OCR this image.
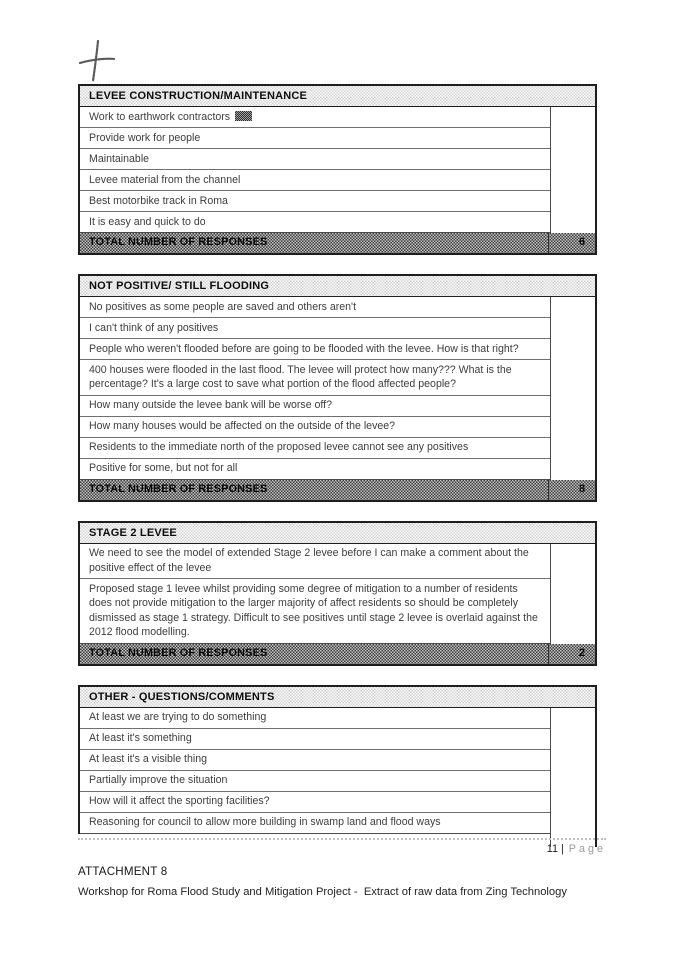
LEVEE CONSTRUCTION/MAINTENANCE
Work to earthwork contractors
Provide work for people
Maintainable
Levee material from the channel
Best motorbike track in Roma
It is easy and quick to do
TOTAL NUMBER OF RESPONSES	6
NOT POSITIVE/ STILL FLOODING
No positives as some people are saved and others aren't
I can't think of any positives
People who weren't flooded before are going to be flooded with the levee. How is that right?
400 houses were flooded in the last flood. The levee will protect how many??? What is the percentage? It's a large cost to save what portion of the flood affected people?
How many outside the levee bank will be worse off?
How many houses would be affected on the outside of the levee?
Residents to the immediate north of the proposed levee cannot see any positives
Positive for some, but not for all
TOTAL NUMBER OF RESPONSES	8
STAGE 2 LEVEE
We need to see the model of extended Stage 2 levee before I can make a comment about the positive effect of the levee
Proposed stage 1 levee whilst providing some degree of mitigation to a number of residents does not provide mitigation to the larger majority of affect residents so should be completely dismissed as stage 1 strategy. Difficult to see positives until stage 2 levee is overlaid against the 2012 flood modelling.
TOTAL NUMBER OF RESPONSES	2
OTHER - QUESTIONS/COMMENTS
At least we are trying to do something
At least it's something
At least it's a visible thing
Partially improve the situation
How will it affect the sporting facilities?
Reasoning for council to allow more building in swamp land and flood ways
11 | Page
ATTACHMENT 8
Workshop for Roma Flood Study and Mitigation Project -  Extract of raw data from Zing Technology
